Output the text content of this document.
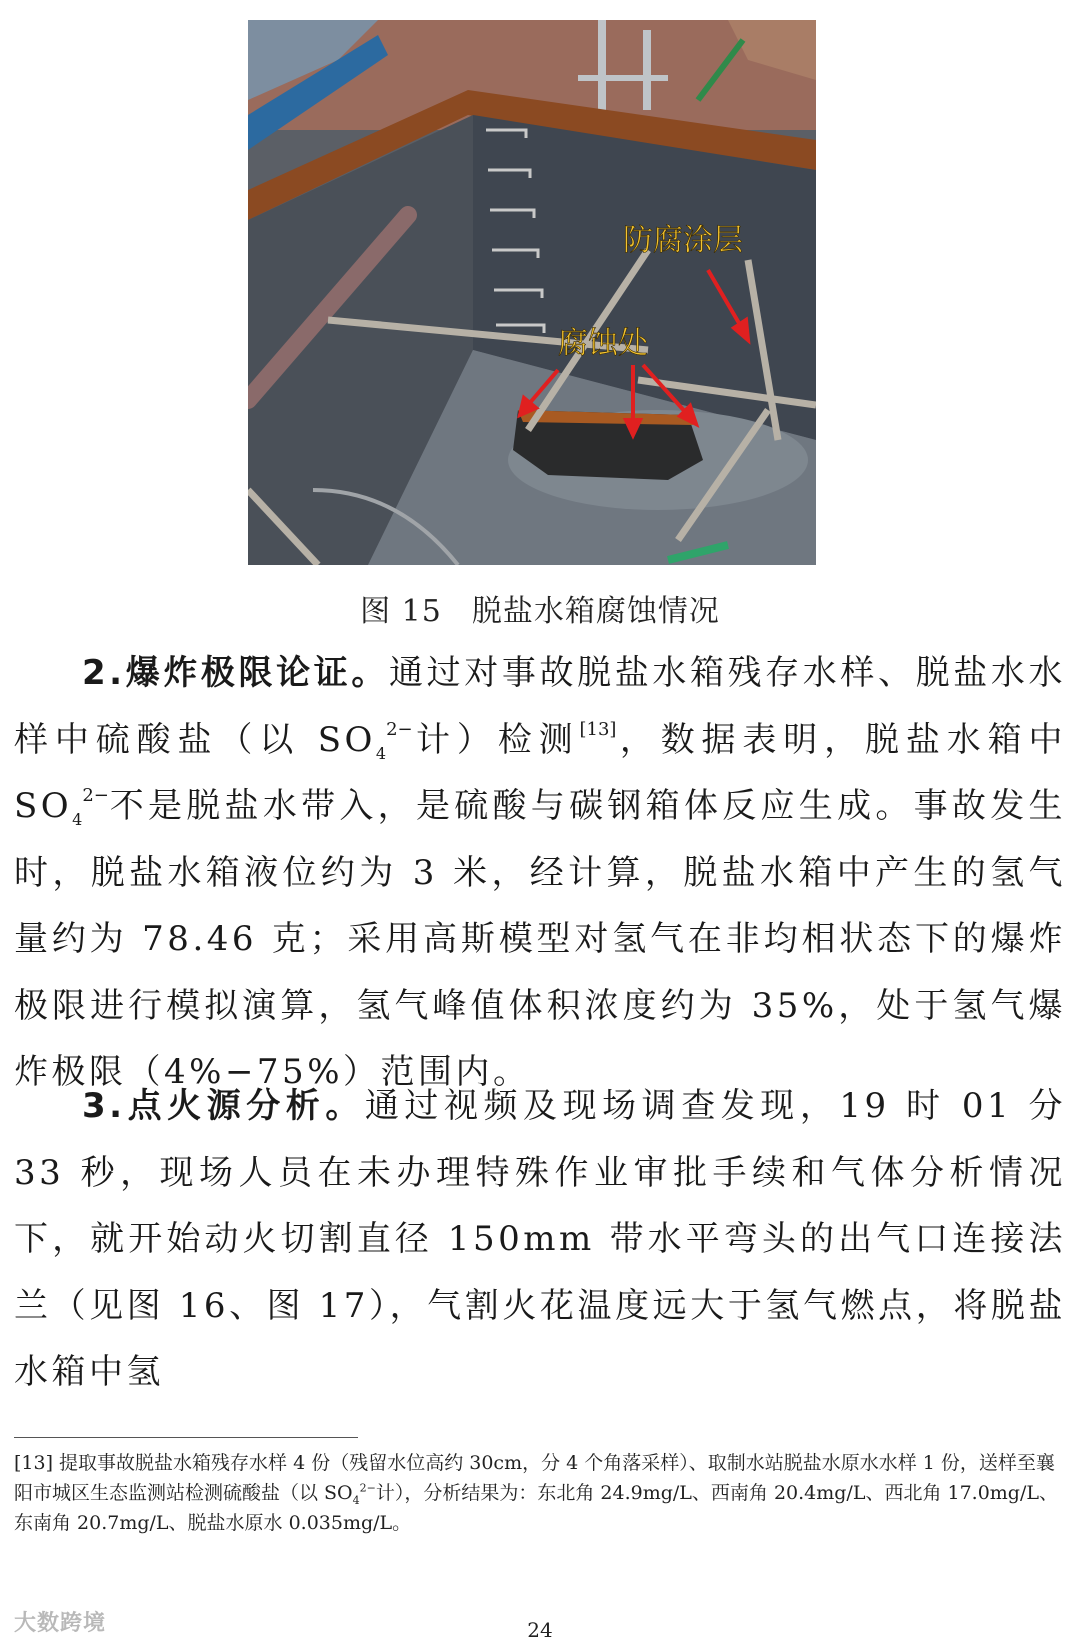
防腐涂层
腐蚀处
图 15 脱盐水箱腐蚀情况

2.爆炸极限论证。通过对事故脱盐水箱残存水样、脱盐水水样中硫酸盐（以 $SO_4^{2-}$计）检测[13]，数据表明，脱盐水箱中 $SO_4^{2-}$不是脱盐水带入，是硫酸与碳钢箱体反应生成。事故发生时，脱盐水箱液位约为 3 米，经计算，脱盐水箱中产生的氢气量约为 78.46 克；采用高斯模型对氢气在非均相状态下的爆炸极限进行模拟演算，氢气峰值体积浓度约为 35%，处于氢气爆炸极限（4%−75%）范围内。

3.点火源分析。通过视频及现场调查发现，19 时 01 分 33 秒，现场人员在未办理特殊作业审批手续和气体分析情况下，就开始动火切割直径 150mm 带水平弯头的出气口连接法兰（见图 16、图 17），气割火花温度远大于氢气燃点，将脱盐水箱中氢

[13] 提取事故脱盐水箱残存水样 4 份（残留水位高约 30cm，分 4 个角落采样）、取制水站脱盐水原水水样 1 份，送样至襄阳市城区生态监测站检测硫酸盐（以 $SO_4^{2-}$计），分析结果为：东北角 24.9mg/L、西南角 20.4mg/L、西北角 17.0mg/L、东南角 20.7mg/L、脱盐水原水 0.035mg/L。

大数跨境	24
